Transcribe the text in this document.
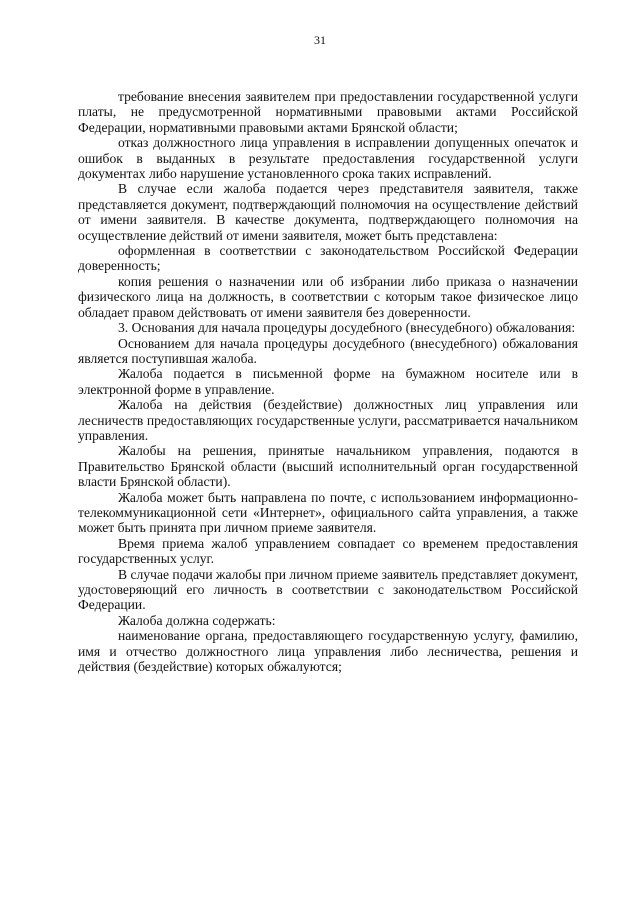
31

требование внесения заявителем при предоставлении государственной услуги платы, не предусмотренной нормативными правовыми актами Российской Федерации, нормативными правовыми актами Брянской области;

отказ должностного лица управления в исправлении допущенных опечаток и ошибок в выданных в результате предоставления государственной услуги документах либо нарушение установленного срока таких исправлений.

В случае если жалоба подается через представителя заявителя, также представляется документ, подтверждающий полномочия на осуществление действий от имени заявителя. В качестве документа, подтверждающего полномочия на осуществление действий от имени заявителя, может быть представлена:

оформленная в соответствии с законодательством Российской Федерации доверенность;

копия решения о назначении или об избрании либо приказа о назначении физического лица на должность, в соответствии с которым такое физическое лицо обладает правом действовать от имени заявителя без доверенности.

3. Основания для начала процедуры досудебного (внесудебного) обжалования:

Основанием для начала процедуры досудебного (внесудебного) обжалования является поступившая жалоба.

Жалоба подается в письменной форме на бумажном носителе или в электронной форме в управление.

Жалоба на действия (бездействие) должностных лиц управления или лесничеств предоставляющих государственные услуги, рассматривается начальником управления.

Жалобы на решения, принятые начальником управления, подаются в Правительство Брянской области (высший исполнительный орган государственной власти Брянской области).

Жалоба может быть направлена по почте, с использованием информационно-телекоммуникационной сети «Интернет», официального сайта управления, а также может быть принята при личном приеме заявителя.

Время приема жалоб управлением совпадает со временем предоставления государственных услуг.

В случае подачи жалобы при личном приеме заявитель представляет документ, удостоверяющий его личность в соответствии с законодательством Российской Федерации.

Жалоба должна содержать:

наименование органа, предоставляющего государственную услугу, фамилию, имя и отчество должностного лица управления либо лесничества, решения и действия (бездействие) которых обжалуются;
